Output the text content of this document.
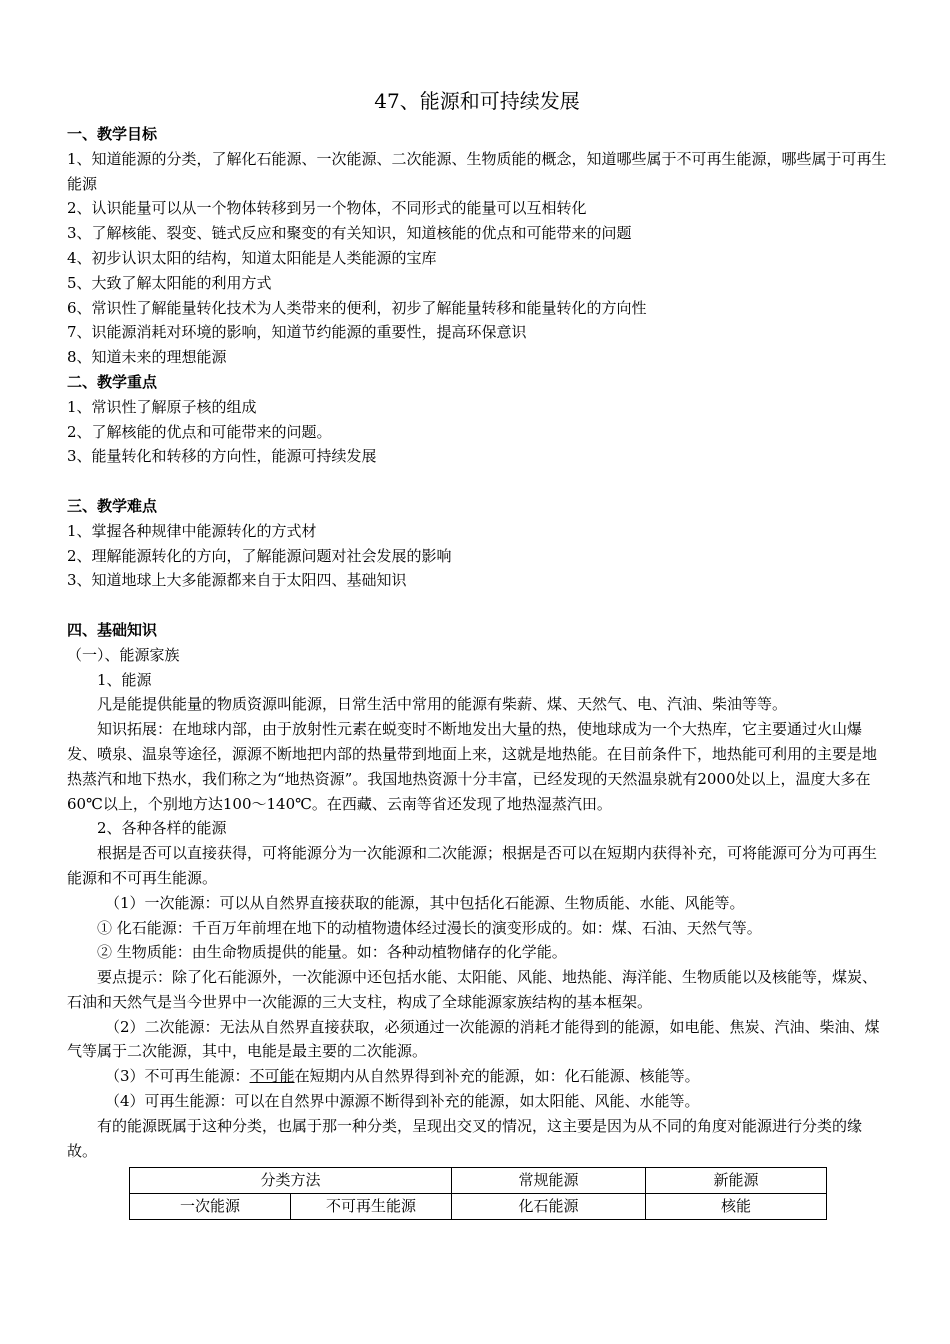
47、能源和可持续发展
一、教学目标
1、知道能源的分类，了解化石能源、一次能源、二次能源、生物质能的概念，知道哪些属于不可再生能源，哪些属于可再生能源
2、认识能量可以从一个物体转移到另一个物体，不同形式的能量可以互相转化
3、了解核能、裂变、链式反应和聚变的有关知识，知道核能的优点和可能带来的问题
4、初步认识太阳的结构，知道太阳能是人类能源的宝库
5、大致了解太阳能的利用方式
6、常识性了解能量转化技术为人类带来的便利，初步了解能量转移和能量转化的方向性
7、识能源消耗对环境的影响，知道节约能源的重要性，提高环保意识
8、知道未来的理想能源
二、教学重点
1、常识性了解原子核的组成
2、了解核能的优点和可能带来的问题。
3、能量转化和转移的方向性，能源可持续发展
三、教学难点
1、掌握各种规律中能源转化的方式材
2、理解能源转化的方向，了解能源问题对社会发展的影响
3、知道地球上大多能源都来自于太阳四、基础知识
四、基础知识
（一）、能源家族
1、能源
凡是能提供能量的物质资源叫能源，日常生活中常用的能源有柴薪、煤、天然气、电、汽油、柴油等等。
知识拓展：在地球内部，由于放射性元素在蜕变时不断地发出大量的热，使地球成为一个大热库，它主要通过火山爆发、喷泉、温泉等途径，源源不断地把内部的热量带到地面上来，这就是地热能。在目前条件下，地热能可利用的主要是地热蒸汽和地下热水，我们称之为“地热资源”。我国地热资源十分丰富，已经发现的天然温泉就有2000处以上，温度大多在60℃以上，个别地方达100～140℃。在西藏、云南等省还发现了地热湿蒸汽田。
2、各种各样的能源
根据是否可以直接获得，可将能源分为一次能源和二次能源；根据是否可以在短期内获得补充，可将能源可分为可再生能源和不可再生能源。
（1）一次能源：可以从自然界直接获取的能源，其中包括化石能源、生物质能、水能、风能等。
① 化石能源：千百万年前埋在地下的动植物遗体经过漫长的演变形成的。如：煤、石油、天然气等。
② 生物质能：由生命物质提供的能量。如：各种动植物储存的化学能。
要点提示：除了化石能源外，一次能源中还包括水能、太阳能、风能、地热能、海洋能、生物质能以及核能等，煤炭、石油和天然气是当今世界中一次能源的三大支柱，构成了全球能源家族结构的基本框架。
（2）二次能源：无法从自然界直接获取，必须通过一次能源的消耗才能得到的能源，如电能、焦炭、汽油、柴油、煤气等属于二次能源，其中，电能是最主要的二次能源。
（3）不可再生能源：不可能在短期内从自然界得到补充的能源，如：化石能源、核能等。
（4）可再生能源：可以在自然界中源源不断得到补充的能源，如太阳能、风能、水能等。
有的能源既属于这种分类，也属于那一种分类，呈现出交叉的情况，这主要是因为从不同的角度对能源进行分类的缘故。
分类方法		常规能源	新能源
一次能源	不可再生能源	化石能源	核能
